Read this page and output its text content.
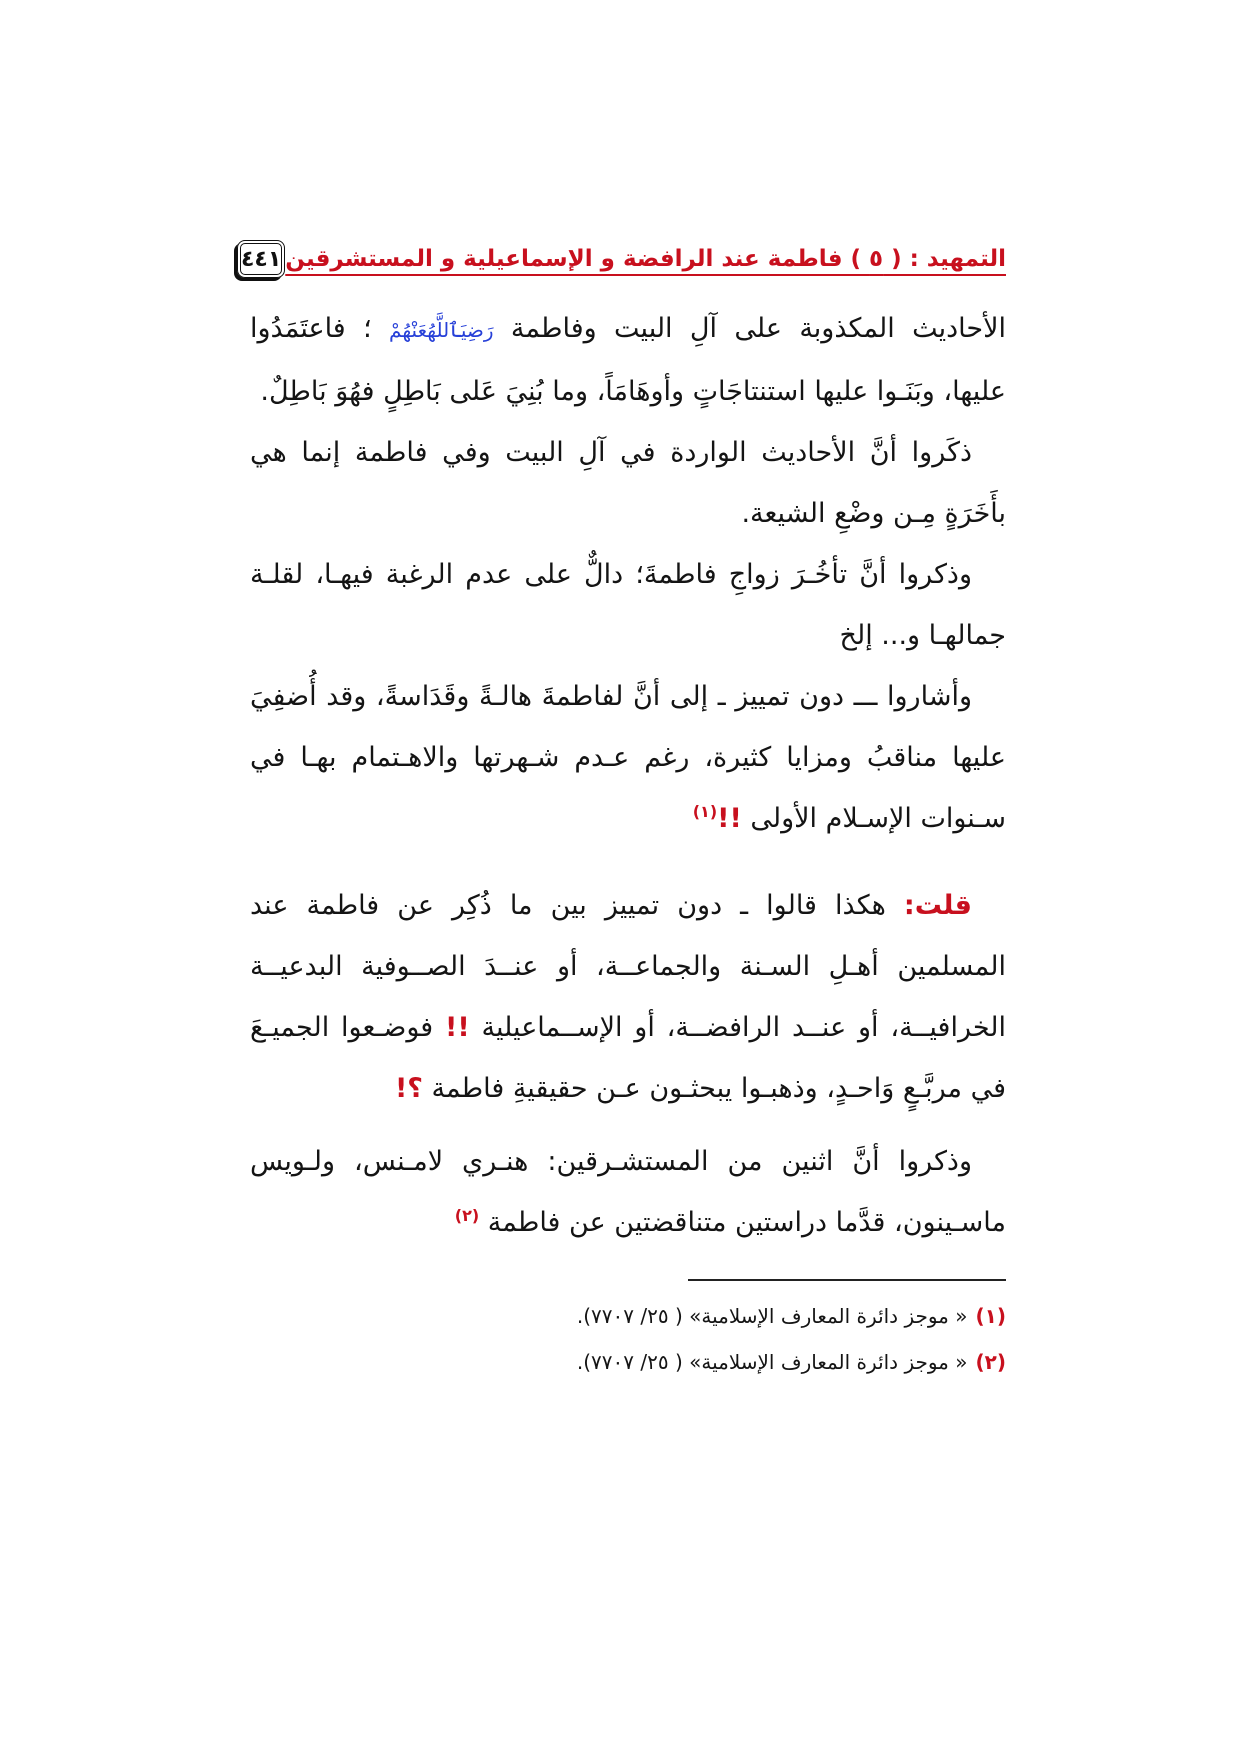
التمهيد : ( ٥ ) فاطمة عند الرافضة و الإسماعيلية و المستشرقين
٤٤١

الأحاديث المكذوبة على آلِ البيت وفاطمة رَضِيَٱللَّهُعَنْهُمْ ؛ فاعتَمَدُوا عليها، وبَنَـوا عليها استنتاجَاتٍ وأوهَامَاً، وما بُنِيَ عَلى بَاطِلٍ فهُوَ بَاطِلٌ.

ذكَروا أنَّ الأحاديث الواردة في آلِ البيت وفي فاطمة إنما هي بأَخَرَةٍ مِـن وضْعِ الشيعة.

وذكروا أنَّ تأخُـرَ زواجِ فاطمةَ؛ دالٌّ على عدم الرغبة فيهـا، لقلـة جمالهـا و... إلخ

وأشاروا ـــ دون تمييز ـ إلى أنَّ لفاطمةَ هالـةً وقَدَاسةً، وقد أُضفِيَ عليها مناقبُ ومزايا كثيرة، رغم عـدم شـهرتها والاهـتمام بهـا في سـنوات الإسـلام الأولى !!$^{(١)}$

قلت: هكذا قالوا ـ دون تمييز بين ما ذُكِر عن فاطمة عند المسلمين أهـلِ السـنة والجماعــة، أو عنــدَ الصــوفية البدعيــة الخرافيــة، أو عنــد الرافضــة، أو الإســماعيلية !! فوضـعوا الجميـعَ في مربَّـعٍ وَاحـدٍ، وذهبـوا يبحثـون عـن حقيقيةِ فاطمة ؟!

وذكروا أنَّ اثنين من المستشـرقين: هنـري لامـنس، ولـويس ماسـينون، قدَّما دراستين متناقضتين عن فاطمة $^{(٢)}$

(١)« موجز دائرة المعارف الإسلامية» ( ٢٥/ ٧٧٠٧).
(٢)« موجز دائرة المعارف الإسلامية» ( ٢٥/ ٧٧٠٧).
